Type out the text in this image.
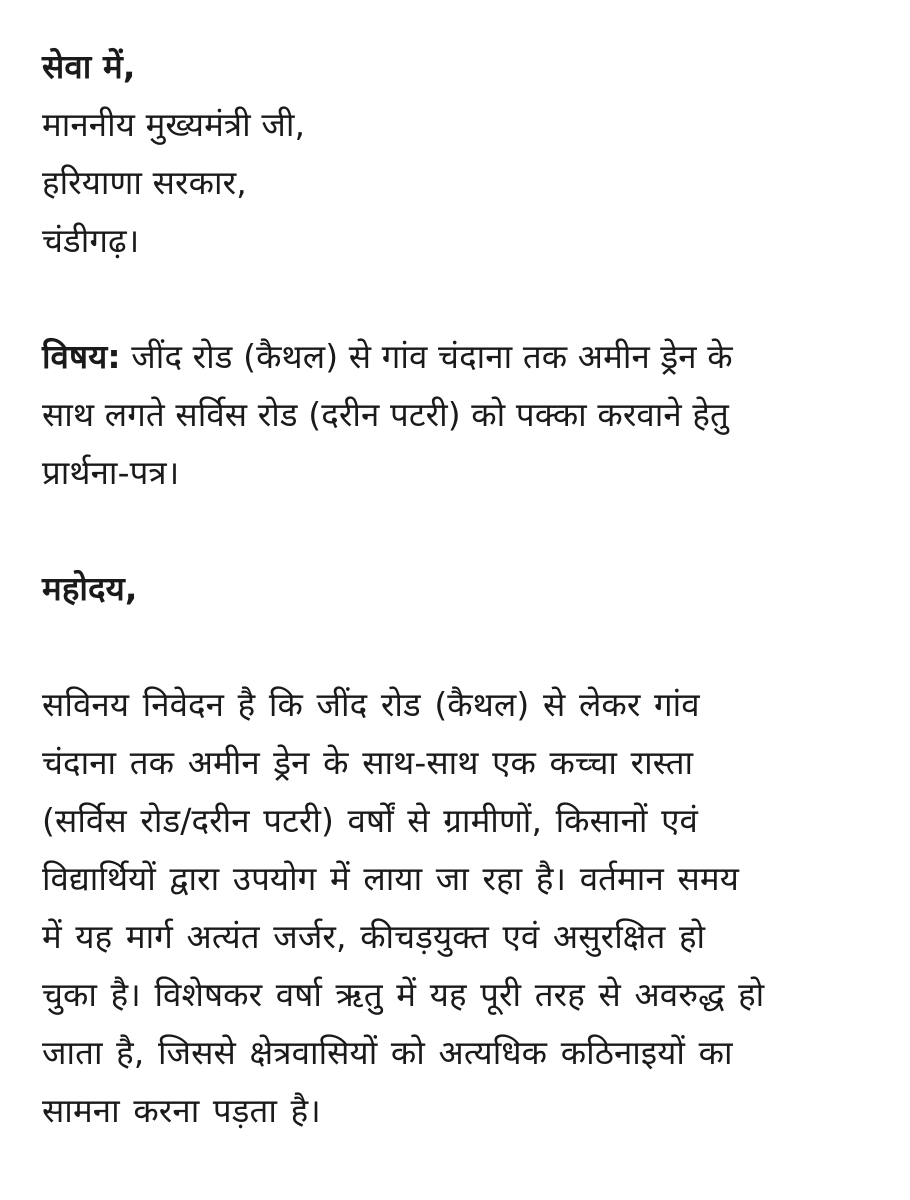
सेवा में,

माननीय मुख्यमंत्री जी,

हरियाणा सरकार,

चंडीगढ़।

विषय: जींद रोड (कैथल) से गांव चंदाना तक अमीन ड्रेन के

साथ लगते सर्विस रोड (दरीन पटरी) को पक्का करवाने हेतु

प्रार्थना-पत्र।

महोदय,

सविनय निवेदन है कि जींद रोड (कैथल) से लेकर गांव

चंदाना तक अमीन ड्रेन के साथ-साथ एक कच्चा रास्ता

(सर्विस रोड/दरीन पटरी) वर्षों से ग्रामीणों, किसानों एवं

विद्यार्थियों द्वारा उपयोग में लाया जा रहा है। वर्तमान समय

में यह मार्ग अत्यंत जर्जर, कीचड़युक्त एवं असुरक्षित हो

चुका है। विशेषकर वर्षा ऋतु में यह पूरी तरह से अवरुद्ध हो

जाता है, जिससे क्षेत्रवासियों को अत्यधिक कठिनाइयों का

सामना करना पड़ता है।
